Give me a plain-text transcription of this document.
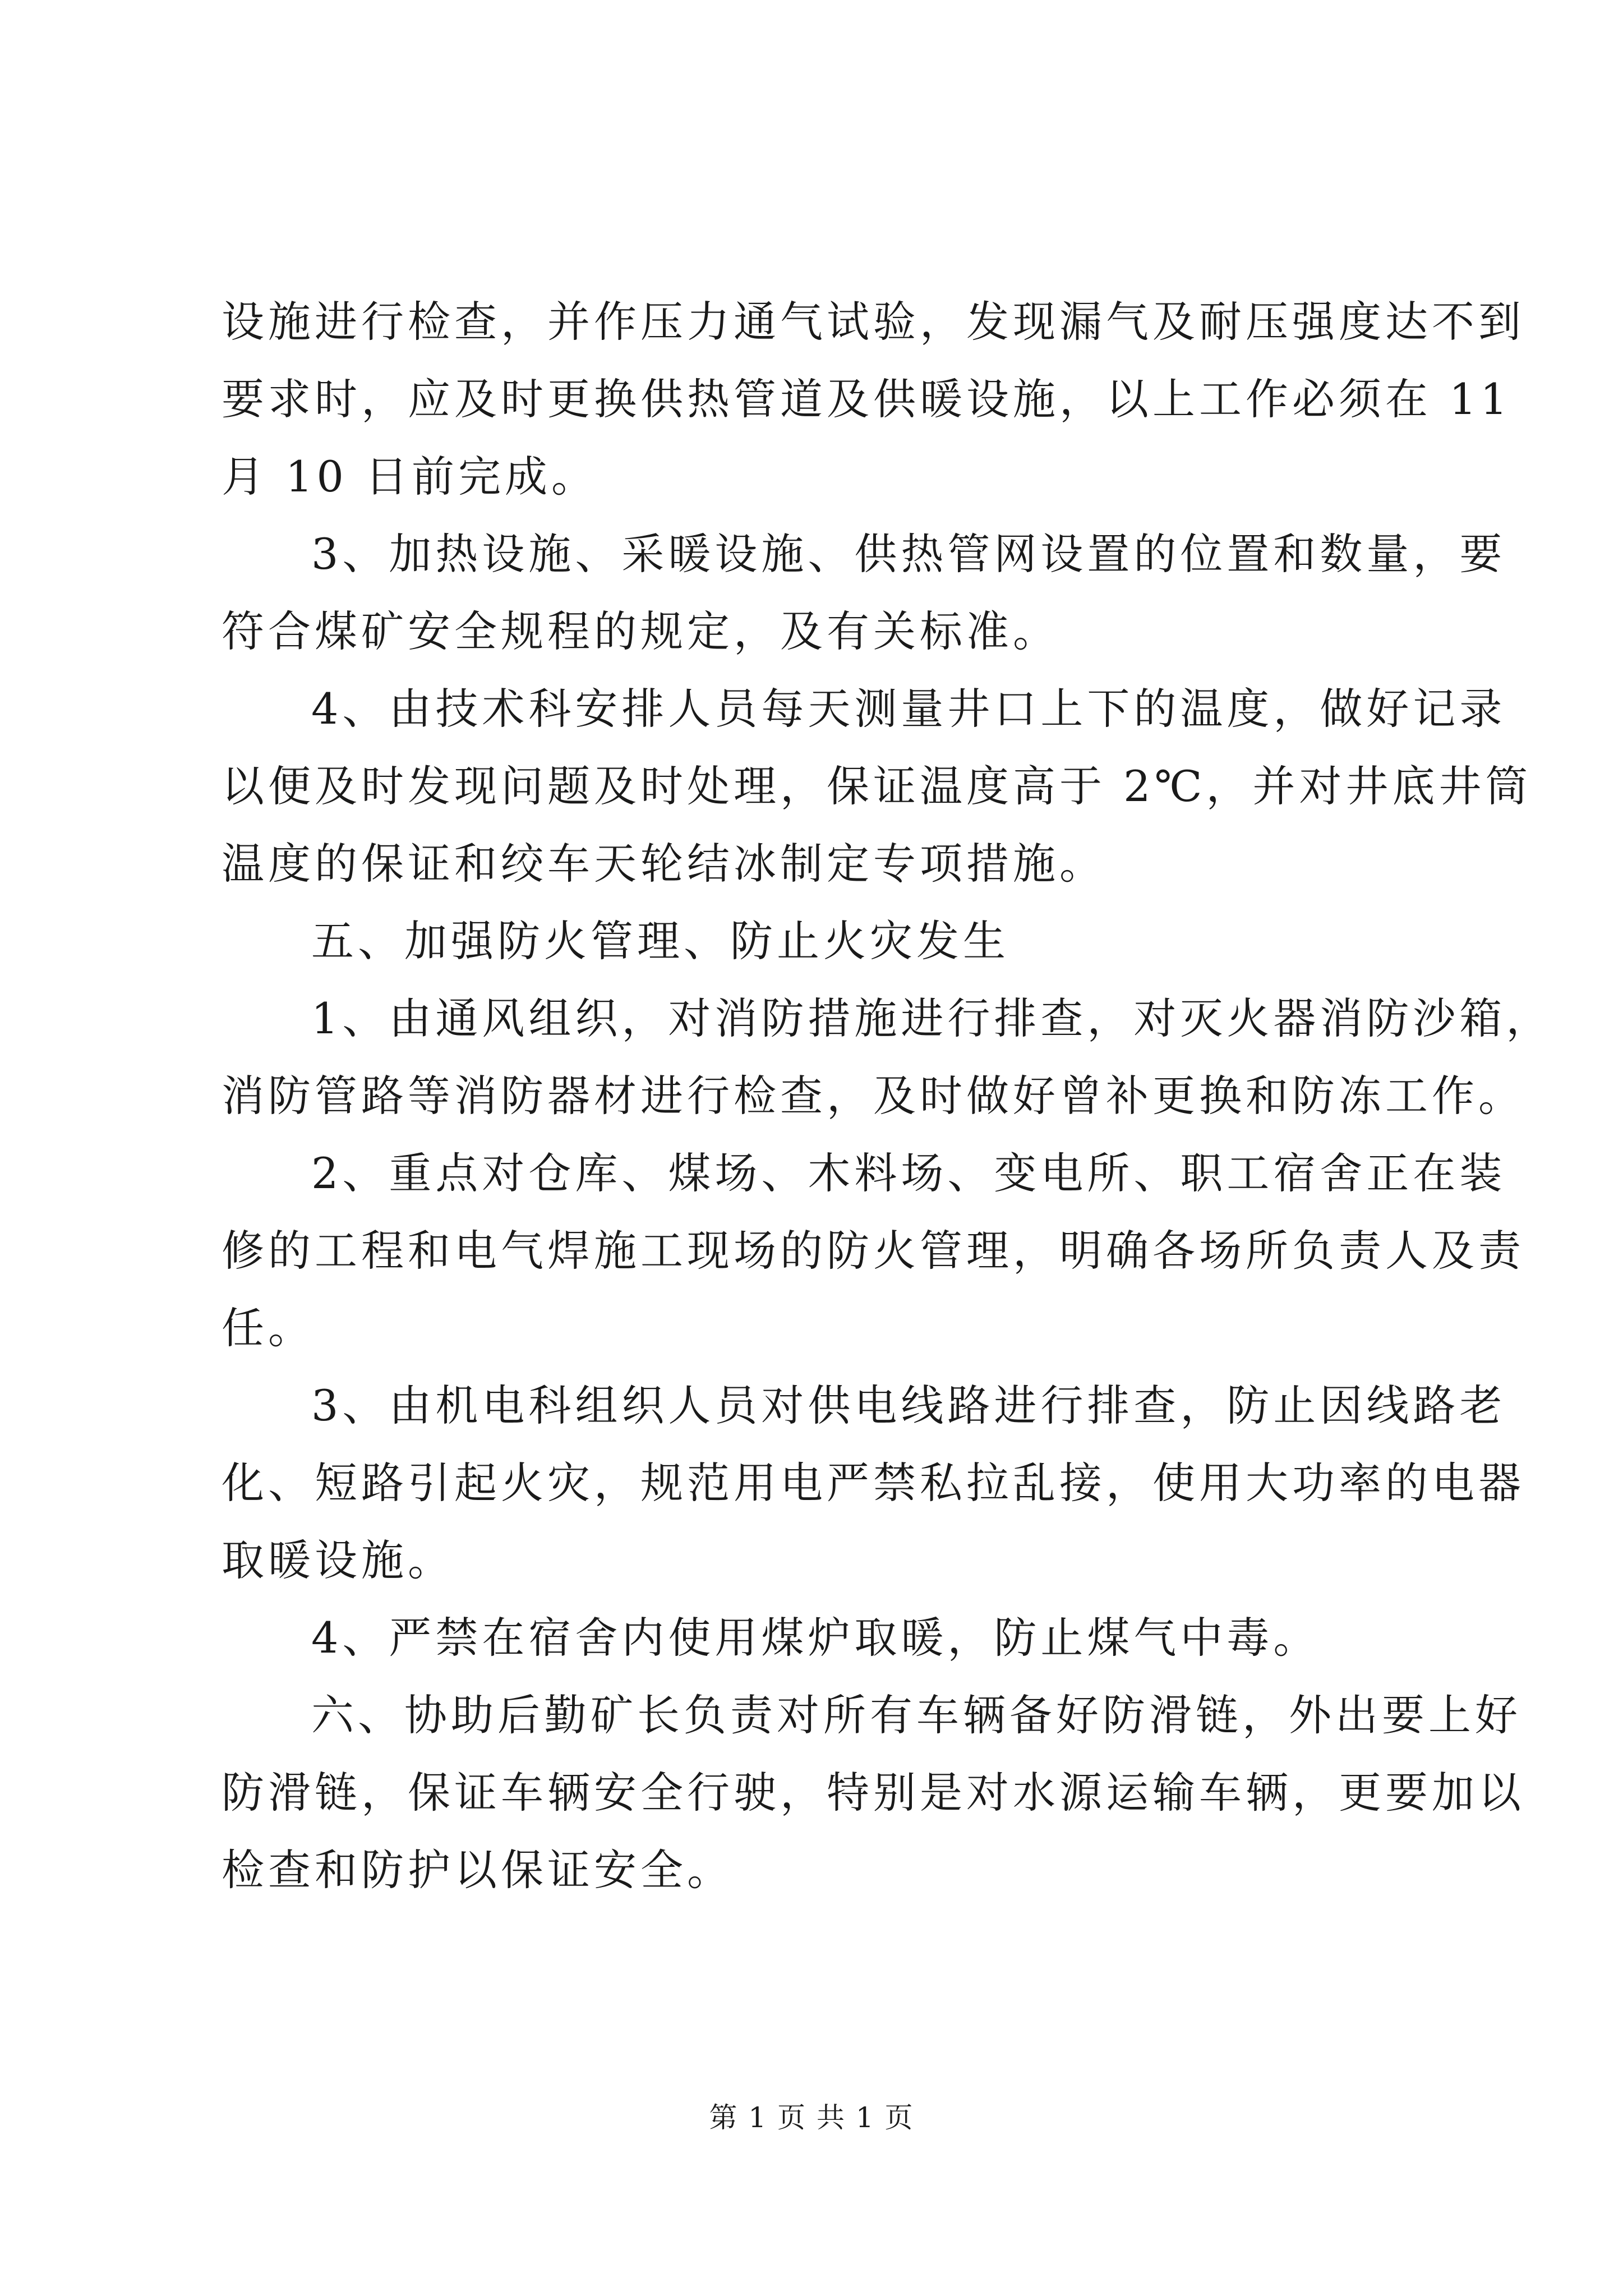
设施进行检查，并作压力通气试验，发现漏气及耐压强度达不到

要求时，应及时更换供热管道及供暖设施，以上工作必须在 11

月 10 日前完成。

3、加热设施、采暖设施、供热管网设置的位置和数量，要

符合煤矿安全规程的规定，及有关标准。

4、由技术科安排人员每天测量井口上下的温度，做好记录

以便及时发现问题及时处理，保证温度高于 2℃，并对井底井筒

温度的保证和绞车天轮结冰制定专项措施。

五、加强防火管理、防止火灾发生

1、由通风组织，对消防措施进行排查，对灭火器消防沙箱，

消防管路等消防器材进行检查，及时做好曾补更换和防冻工作。

2、重点对仓库、煤场、木料场、变电所、职工宿舍正在装

修的工程和电气焊施工现场的防火管理，明确各场所负责人及责

任。

3、由机电科组织人员对供电线路进行排查，防止因线路老

化、短路引起火灾，规范用电严禁私拉乱接，使用大功率的电器

取暖设施。

4、严禁在宿舍内使用煤炉取暖，防止煤气中毒。

六、协助后勤矿长负责对所有车辆备好防滑链，外出要上好

防滑链，保证车辆安全行驶，特别是对水源运输车辆，更要加以

检查和防护以保证安全。

第 1 页 共 1 页
